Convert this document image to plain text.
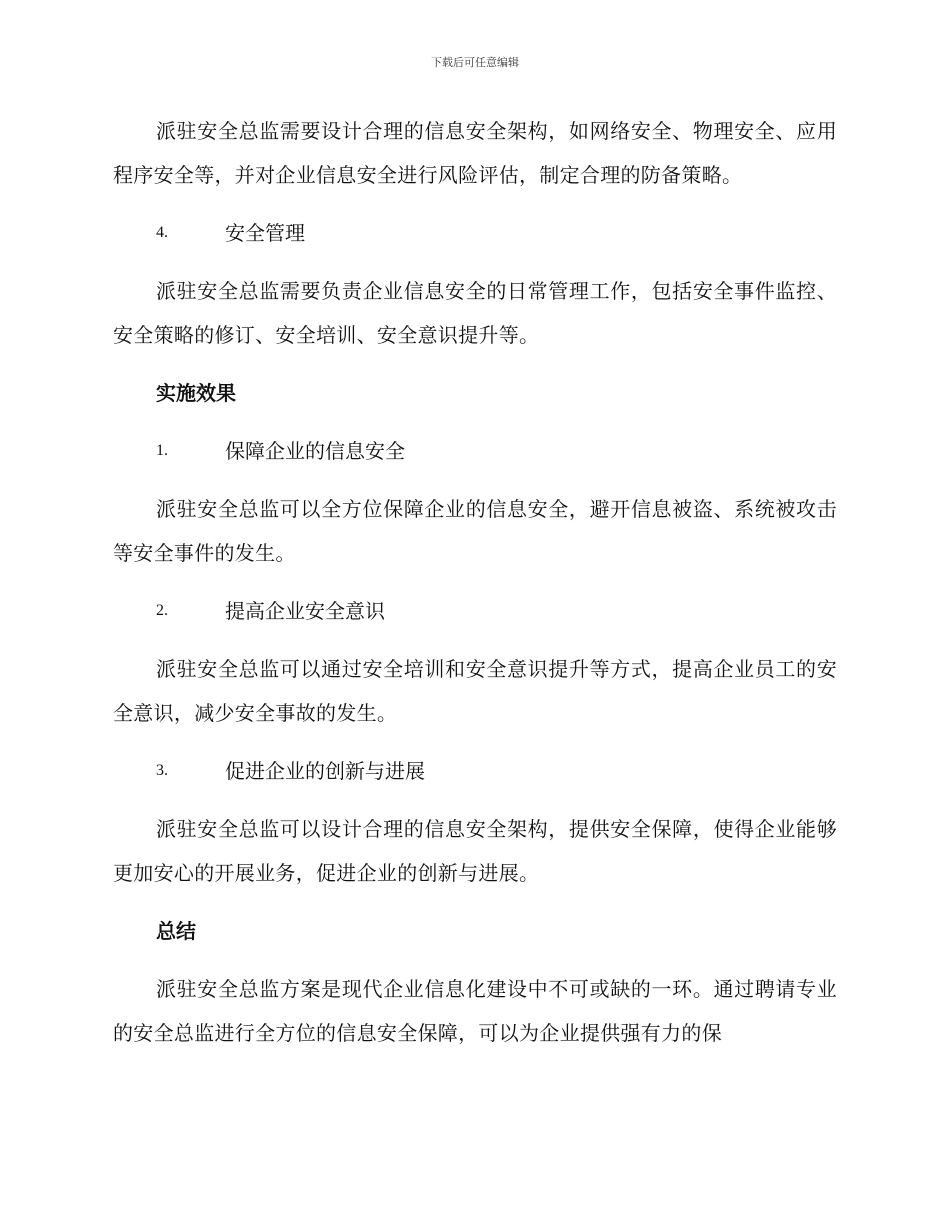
下载后可任意编辑

派驻安全总监需要设计合理的信息安全架构，如网络安全、物理安全、应用程序安全等，并对企业信息安全进行风险评估，制定合理的防备策略。

4.	安全管理

派驻安全总监需要负责企业信息安全的日常管理工作，包括安全事件监控、安全策略的修订、安全培训、安全意识提升等。

实施效果
1.	保障企业的信息安全

派驻安全总监可以全方位保障企业的信息安全，避开信息被盗、系统被攻击等安全事件的发生。

2.	提高企业安全意识

派驻安全总监可以通过安全培训和安全意识提升等方式，提高企业员工的安全意识，减少安全事故的发生。

3.	促进企业的创新与进展

派驻安全总监可以设计合理的信息安全架构，提供安全保障，使得企业能够更加安心的开展业务，促进企业的创新与进展。

总结

派驻安全总监方案是现代企业信息化建设中不可或缺的一环。通过聘请专业的安全总监进行全方位的信息安全保障，可以为企业提供强有力的保
